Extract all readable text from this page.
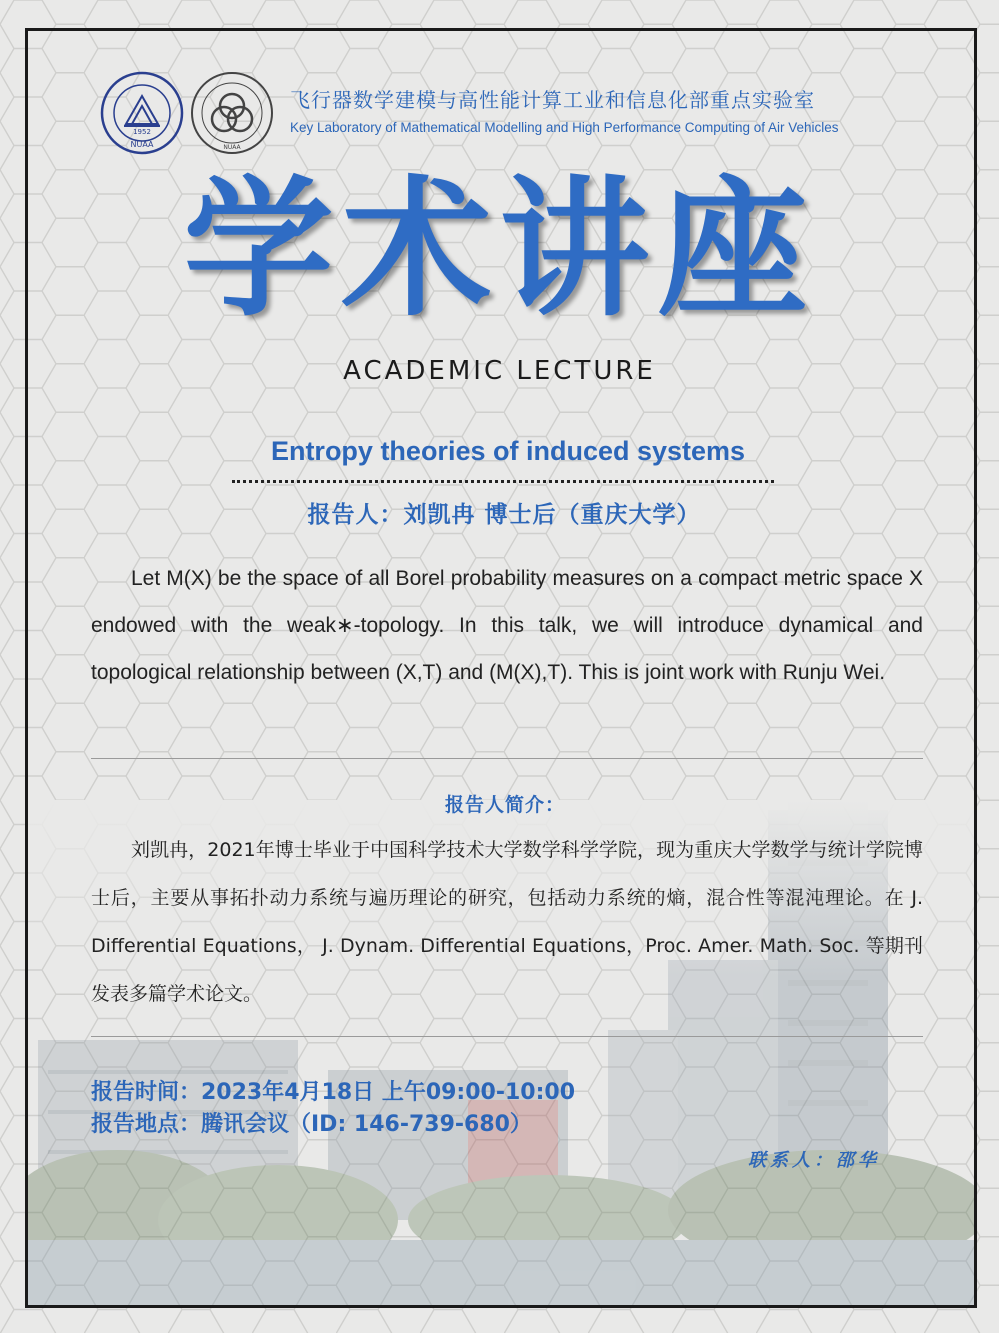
1952
NUAA	NUAA
飞行器数学建模与高性能计算工业和信息化部重点实验室
Key Laboratory of Mathematical Modelling and High Performance Computing of Air Vehicles
学术讲座
ACADEMIC LECTURE
Entropy theories of induced systems
报告人：刘凯冉 博士后（重庆大学）

Let M(X) be the space of all Borel probability measures on a compact metric space X endowed with the weak∗-topology. In this talk, we will introduce dynamical and topological relationship between (X,T) and (M(X),T). This is joint work with Runju Wei.

报告人简介：

刘凯冉，2021年博士毕业于中国科学技术大学数学科学学院，现为重庆大学数学与统计学院博士后，主要从事拓扑动力系统与遍历理论的研究，包括动力系统的熵，混合性等混沌理论。在 J. Differential Equations， J. Dynam. Differential Equations，Proc. Amer. Math. Soc. 等期刊发表多篇学术论文。

报告时间：2023年4月18日 上午09:00-10:00
报告地点：腾讯会议（ID: 146-739-680）
联系人：邵华
